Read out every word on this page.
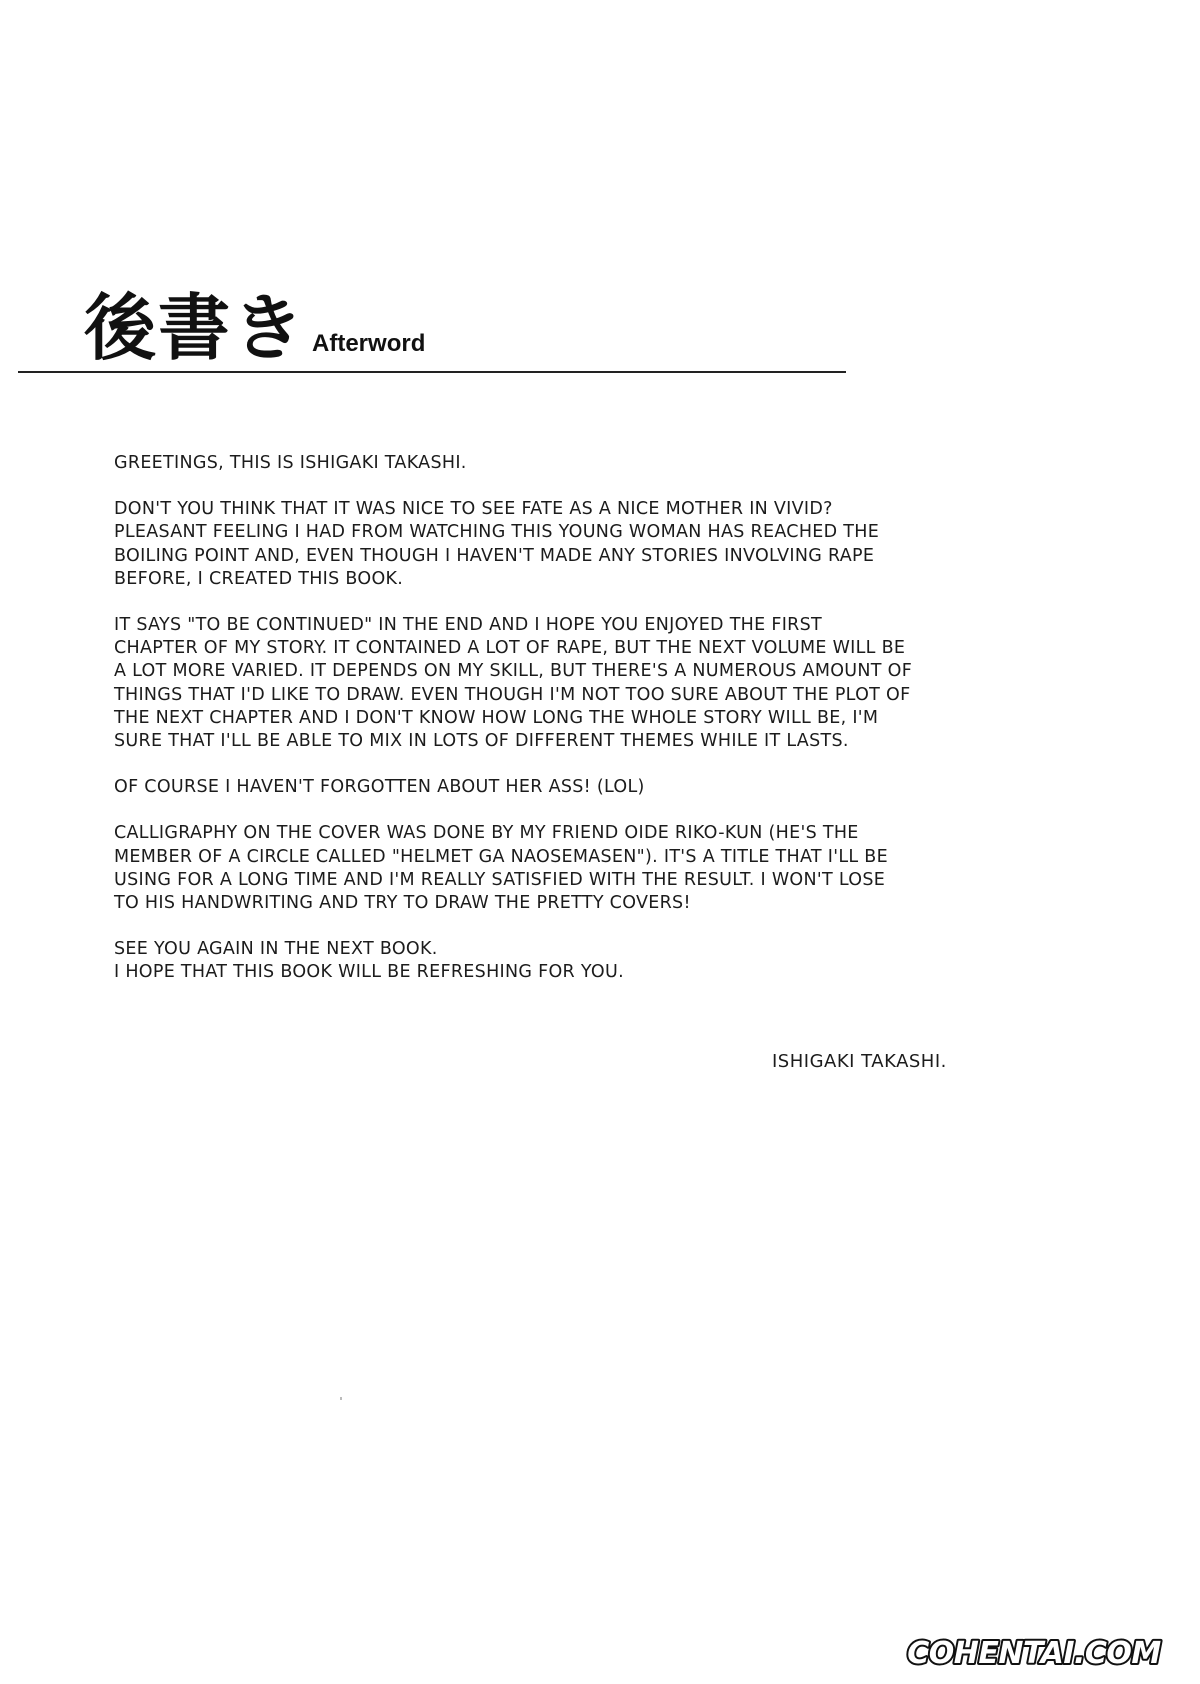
後書き Afterword

GREETINGS, THIS IS ISHIGAKI TAKASHI.

DON'T YOU THINK THAT IT WAS NICE TO SEE FATE AS A NICE MOTHER IN VIVID?
PLEASANT FEELING I HAD FROM WATCHING THIS YOUNG WOMAN HAS REACHED THE
BOILING POINT AND, EVEN THOUGH I HAVEN'T MADE ANY STORIES INVOLVING RAPE
BEFORE, I CREATED THIS BOOK.

IT SAYS "TO BE CONTINUED" IN THE END AND I HOPE YOU ENJOYED THE FIRST
CHAPTER OF MY STORY. IT CONTAINED A LOT OF RAPE, BUT THE NEXT VOLUME WILL BE
A LOT MORE VARIED. IT DEPENDS ON MY SKILL, BUT THERE'S A NUMEROUS AMOUNT OF
THINGS THAT I'D LIKE TO DRAW. EVEN THOUGH I'M NOT TOO SURE ABOUT THE PLOT OF
THE NEXT CHAPTER AND I DON'T KNOW HOW LONG THE WHOLE STORY WILL BE, I'M
SURE THAT I'LL BE ABLE TO MIX IN LOTS OF DIFFERENT THEMES WHILE IT LASTS.

OF COURSE I HAVEN'T FORGOTTEN ABOUT HER ASS! (LOL)

CALLIGRAPHY ON THE COVER WAS DONE BY MY FRIEND OIDE RIKO-KUN (HE'S THE
MEMBER OF A CIRCLE CALLED "HELMET GA NAOSEMASEN"). IT'S A TITLE THAT I'LL BE
USING FOR A LONG TIME AND I'M REALLY SATISFIED WITH THE RESULT. I WON'T LOSE
TO HIS HANDWRITING AND TRY TO DRAW THE PRETTY COVERS!

SEE YOU AGAIN IN THE NEXT BOOK.
I HOPE THAT THIS BOOK WILL BE REFRESHING FOR YOU.

ISHIGAKI TAKASHI.
COHENTAI.COM
